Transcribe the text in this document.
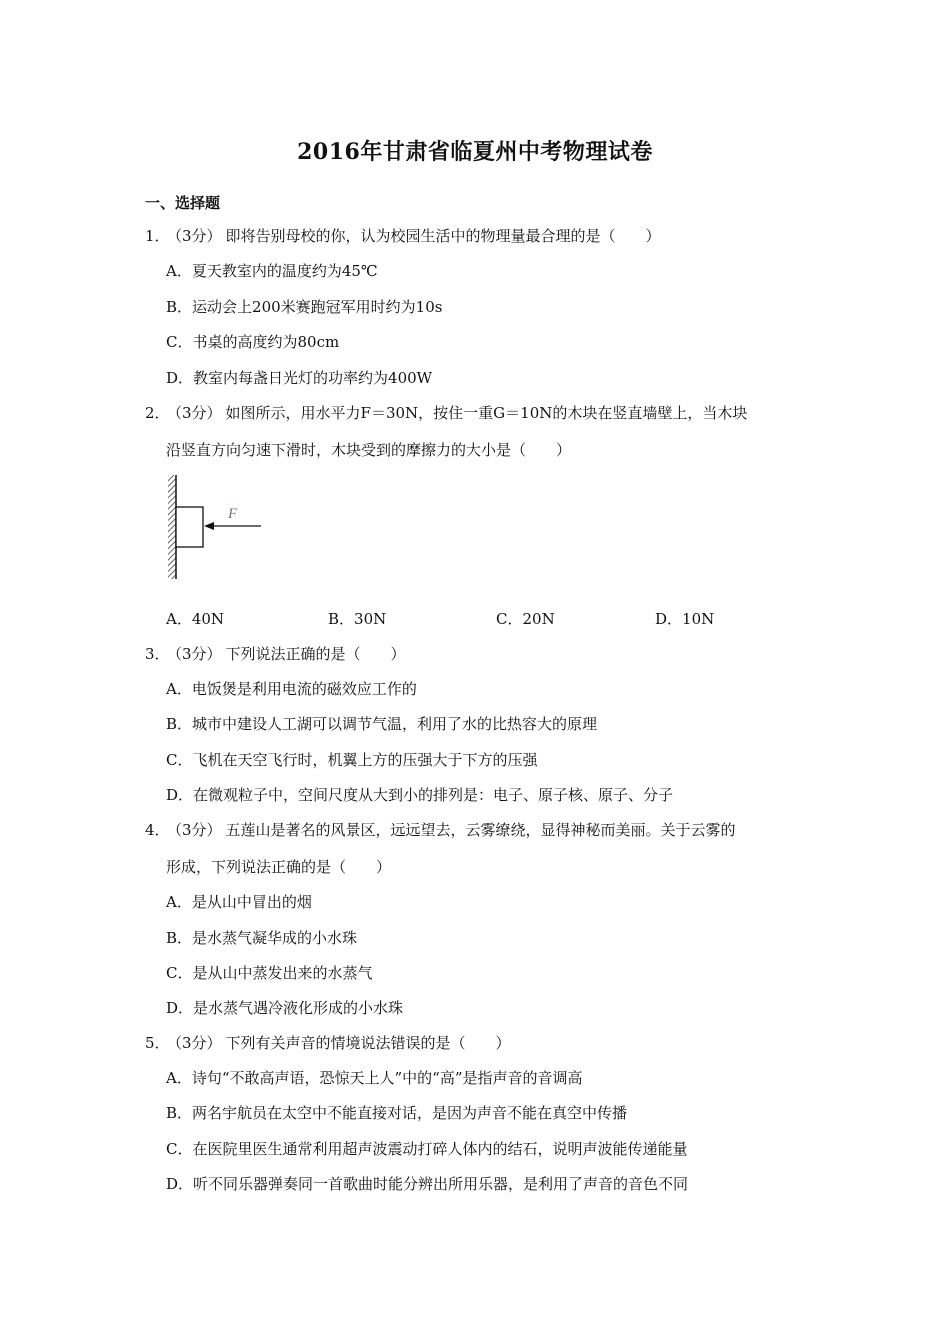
2016年甘肃省临夏州中考物理试卷
一、选择题
1．（3分） 即将告别母校的你，认为校园生活中的物理量最合理的是（　　）
A．夏天教室内的温度约为45℃
B．运动会上200米赛跑冠军用时约为10s
C．书桌的高度约为80cm
D．教室内每盏日光灯的功率约为400W
2．（3分） 如图所示，用水平力F＝30N，按住一重G＝10N的木块在竖直墙壁上，当木块
沿竖直方向匀速下滑时，木块受到的摩擦力的大小是（　　）
F
A．40N	B．30N	C．20N	D．10N
3．（3分） 下列说法正确的是（　　）
A．电饭煲是利用电流的磁效应工作的
B．城市中建设人工湖可以调节气温，利用了水的比热容大的原理
C．飞机在天空飞行时，机翼上方的压强大于下方的压强
D．在微观粒子中，空间尺度从大到小的排列是：电子、原子核、原子、分子
4．（3分） 五莲山是著名的风景区，远远望去，云雾缭绕，显得神秘而美丽。关于云雾的
形成，下列说法正确的是（　　）
A．是从山中冒出的烟
B．是水蒸气凝华成的小水珠
C．是从山中蒸发出来的水蒸气
D．是水蒸气遇冷液化形成的小水珠
5．（3分） 下列有关声音的情境说法错误的是（　　）
A．诗句“不敢高声语，恐惊天上人”中的“高”是指声音的音调高
B．两名宇航员在太空中不能直接对话，是因为声音不能在真空中传播
C．在医院里医生通常利用超声波震动打碎人体内的结石，说明声波能传递能量
D．听不同乐器弹奏同一首歌曲时能分辨出所用乐器，是利用了声音的音色不同
